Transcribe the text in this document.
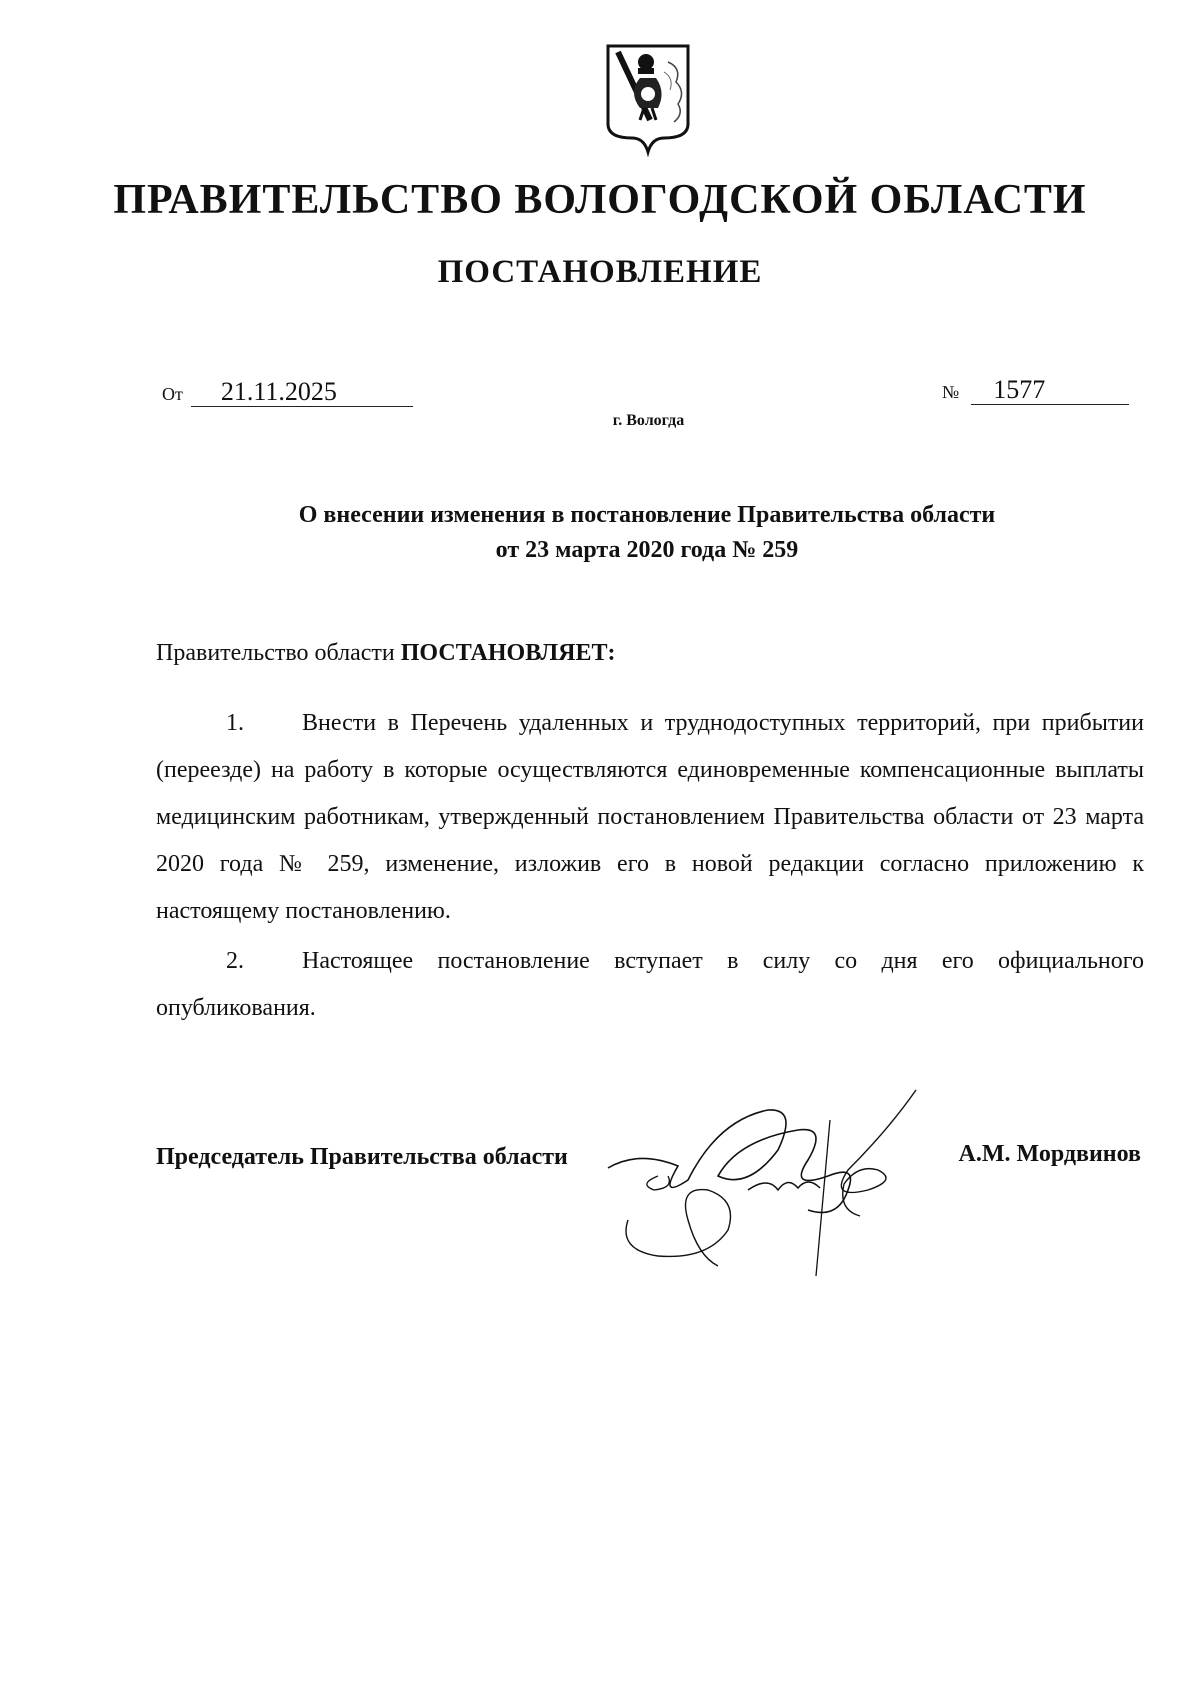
ПРАВИТЕЛЬСТВО ВОЛОГОДСКОЙ ОБЛАСТИ
ПОСТАНОВЛЕНИЕ
От 21.11.2025	№ 1577
г. Вологда
О внесении изменения в постановление Правительства области
от 23 марта 2020 года № 259
Правительство области ПОСТАНОВЛЯЕТ:
1. Внести в Перечень удаленных и труднодоступных территорий, при прибытии (переезде) на работу в которые осуществляются единовременные компенсационные выплаты медицинским работникам, утвержденный постановлением Правительства области от 23 марта 2020 года № 259, изменение, изложив его в новой редакции согласно приложению к настоящему постановлению.
2. Настоящее постановление вступает в силу со дня его официального опубликования.
Председатель Правительства области	А.М. Мордвинов
